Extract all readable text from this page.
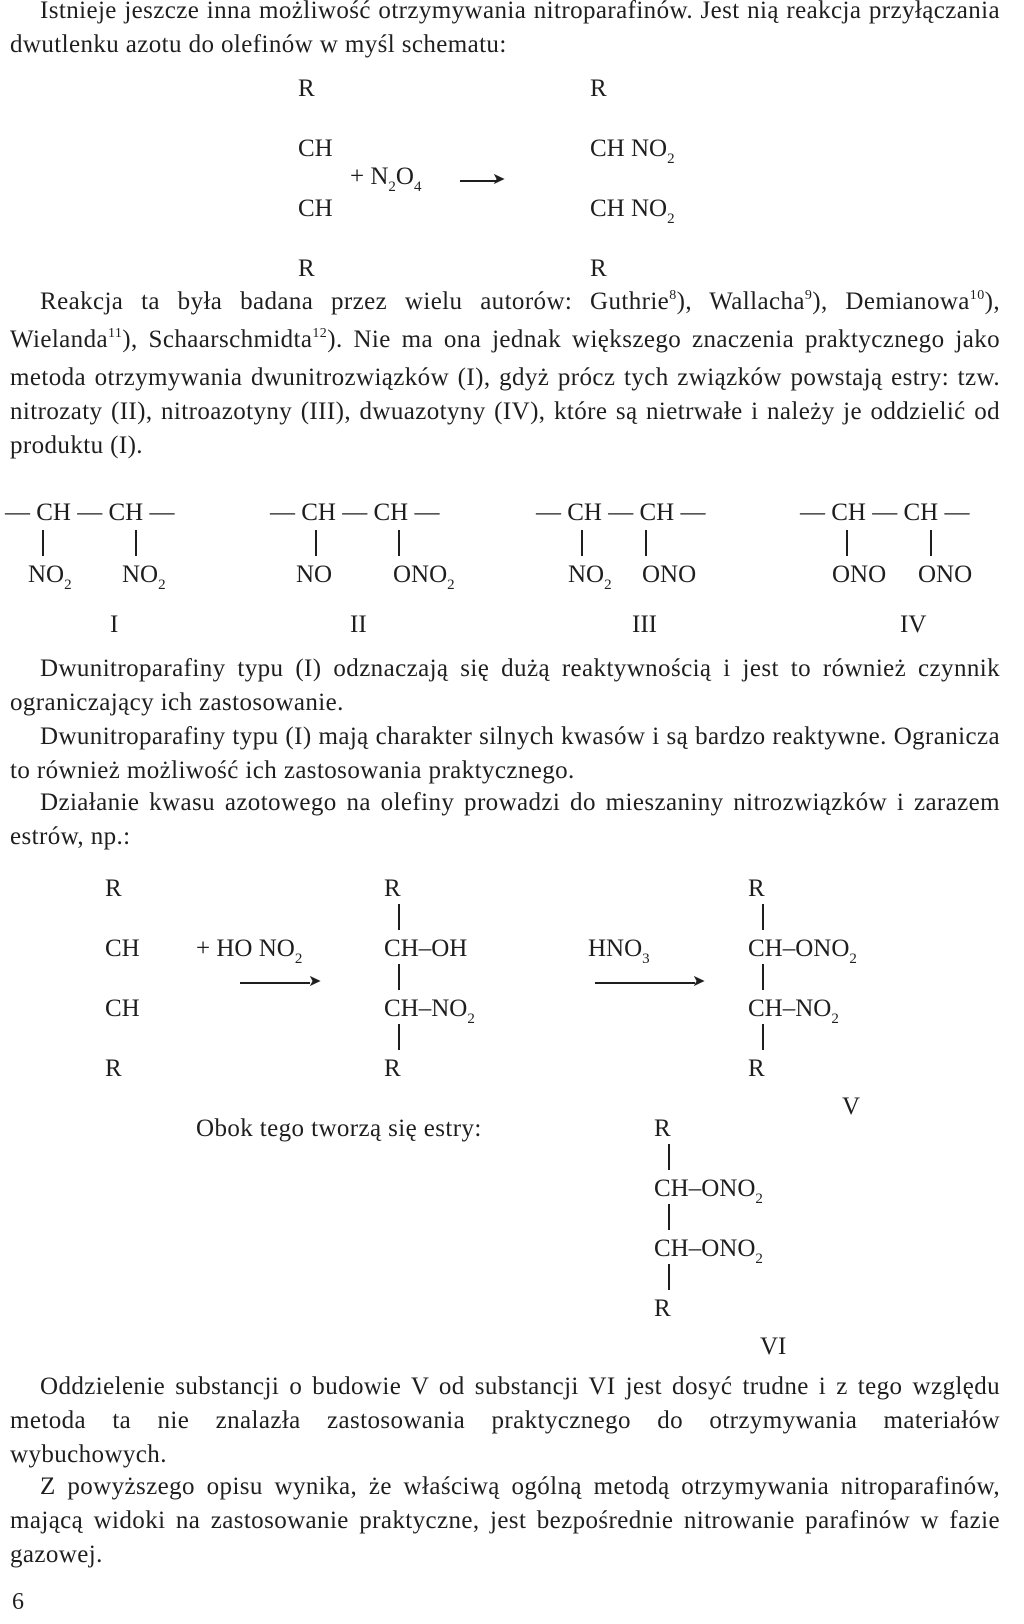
Istnieje jeszcze inna możliwość otrzymywania nitroparafinów. Jest nią reakcja przyłączania dwutlenku azotu do olefinów w myśl schematu:
R
CH
CH
R
+ $N_2O_4$	➤
R
CH $NO_2$
CH $NO_2$
R
Reakcja ta była badana przez wielu autorów: Guthrie$^8$), Wallacha$^9$), Demianowa$^{10}$), Wielanda$^{11}$), Schaarschmidta$^{12}$). Nie ma ona jednak większego znaczenia praktycznego jako metoda otrzymywania dwunitrozwiązków (I), gdyż prócz tych związków powstają estry: tzw. nitrozaty (II), nitroazotyny (III), dwuazotyny (IV), które są nietrwałe i należy je oddzielić od produktu (I).
— CH — CH —
$NO_2$ $NO_2$
I
— CH — CH —
NO $ONO_2$
II
— CH — CH —
$NO_2$ ONO
III
— CH — CH —
ONO ONO
IV
Dwunitroparafiny typu (I) odznaczają się dużą reaktywnością i jest to również czynnik ograniczający ich zastosowanie.
Dwunitroparafiny typu (I) mają charakter silnych kwasów i są bardzo reaktywne. Ogranicza to również możliwość ich zastosowania praktycznego.
Działanie kwasu azotowego na olefiny prowadzi do mieszaniny nitrozwiązków i zarazem estrów, np.:
R
CH
CH
R
+ HO $NO_2$
➤
R
CH–OH
$CH-NO_2$
R
$HNO_3$
➤
R
$CH-ONO_2$
$CH-NO_2$
R
V
Obok tego tworzą się estry:	R
$CH-ONO_2$
$CH-ONO_2$
R
VI
Oddzielenie substancji o budowie V od substancji VI jest dosyć trudne i z tego względu metoda ta nie znalazła zastosowania praktycznego do otrzymywania materiałów wybuchowych.
Z powyższego opisu wynika, że właściwą ogólną metodą otrzymywania nitroparafinów, mającą widoki na zastosowanie praktyczne, jest bezpośrednie nitrowanie parafinów w fazie gazowej.
6
